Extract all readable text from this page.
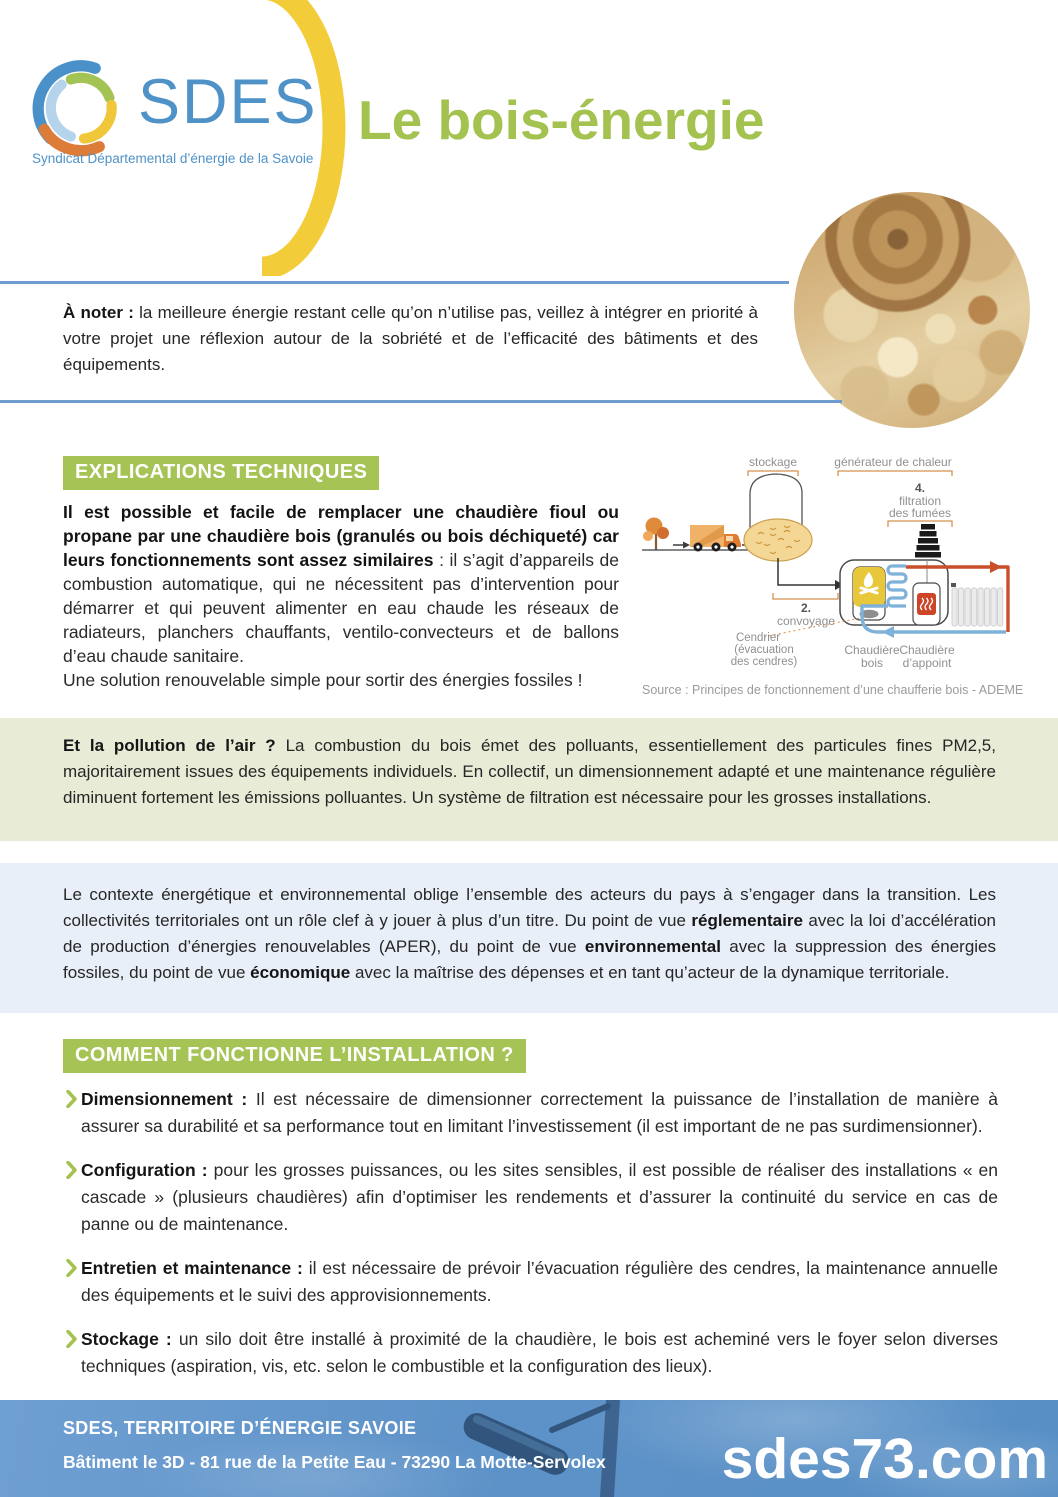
SDES
Syndicat Départemental d’énergie de la Savoie
Le bois-énergie
À noter : la meilleure énergie restant celle qu’on n’utilise pas, veillez à intégrer en priorité à votre projet une réflexion autour de la sobriété et de l’efficacité des bâtiments et des équipements.
EXPLICATIONS TECHNIQUES

Il est possible et facile de remplacer une chaudière fioul ou propane par une chaudière bois (granulés ou bois déchiqueté) car leurs fonctionnements sont assez similaires : il s’agit d’appareils de combustion automatique, qui ne nécessitent pas d’intervention pour démarrer et qui peuvent alimenter en eau chaude les réseaux de radiateurs, planchers chauffants, ventilo-convecteurs et de ballons d’eau chaude sanitaire.

Une solution renouvelable simple pour sortir des énergies fossiles !

stockage	générateur de chaleur
4.
filtration
des fumées
2.
convoyage
Cendrier
(évacuation
des cendres)
Chaudière
bois
Chaudière
d’appoint
Source : Principes de fonctionnement d’une chaufferie bois - ADEME

Et la pollution de l’air ? La combustion du bois émet des polluants, essentiellement des particules fines PM2,5, majoritairement issues des équipements individuels. En collectif, un dimensionnement adapté et une maintenance régulière diminuent fortement les émissions polluantes. Un système de filtration est nécessaire pour les grosses installations.

Le contexte énergétique et environnemental oblige l’ensemble des acteurs du pays à s’engager dans la transition. Les collectivités territoriales ont un rôle clef à y jouer à plus d’un titre. Du point de vue réglementaire avec la loi d’accélération de production d’énergies renouvelables (APER), du point de vue environnemental avec la suppression des énergies fossiles, du point de vue économique avec la maîtrise des dépenses et en tant qu’acteur de la dynamique territoriale.

COMMENT FONCTIONNE L’INSTALLATION ?

Dimensionnement : Il est nécessaire de dimensionner correctement la puissance de l’installation de manière à assurer sa durabilité et sa performance tout en limitant l’investissement (il est important de ne pas surdimensionner).

Configuration : pour les grosses puissances, ou les sites sensibles, il est possible de réaliser des installations « en cascade » (plusieurs chaudières) afin d’optimiser les rendements et d’assurer la continuité du service en cas de panne ou de maintenance.

Entretien et maintenance : il est nécessaire de prévoir l’évacuation régulière des cendres, la maintenance annuelle des équipements et le suivi des approvisionnements.

Stockage : un silo doit être installé à proximité de la chaudière, le bois est acheminé vers le foyer selon diverses techniques (aspiration, vis, etc. selon le combustible et la configuration des lieux).

SDES, TERRITOIRE D’ÉNERGIE SAVOIE
Bâtiment le 3D - 81 rue de la Petite Eau - 73290 La Motte-Servolex sdes73.com
